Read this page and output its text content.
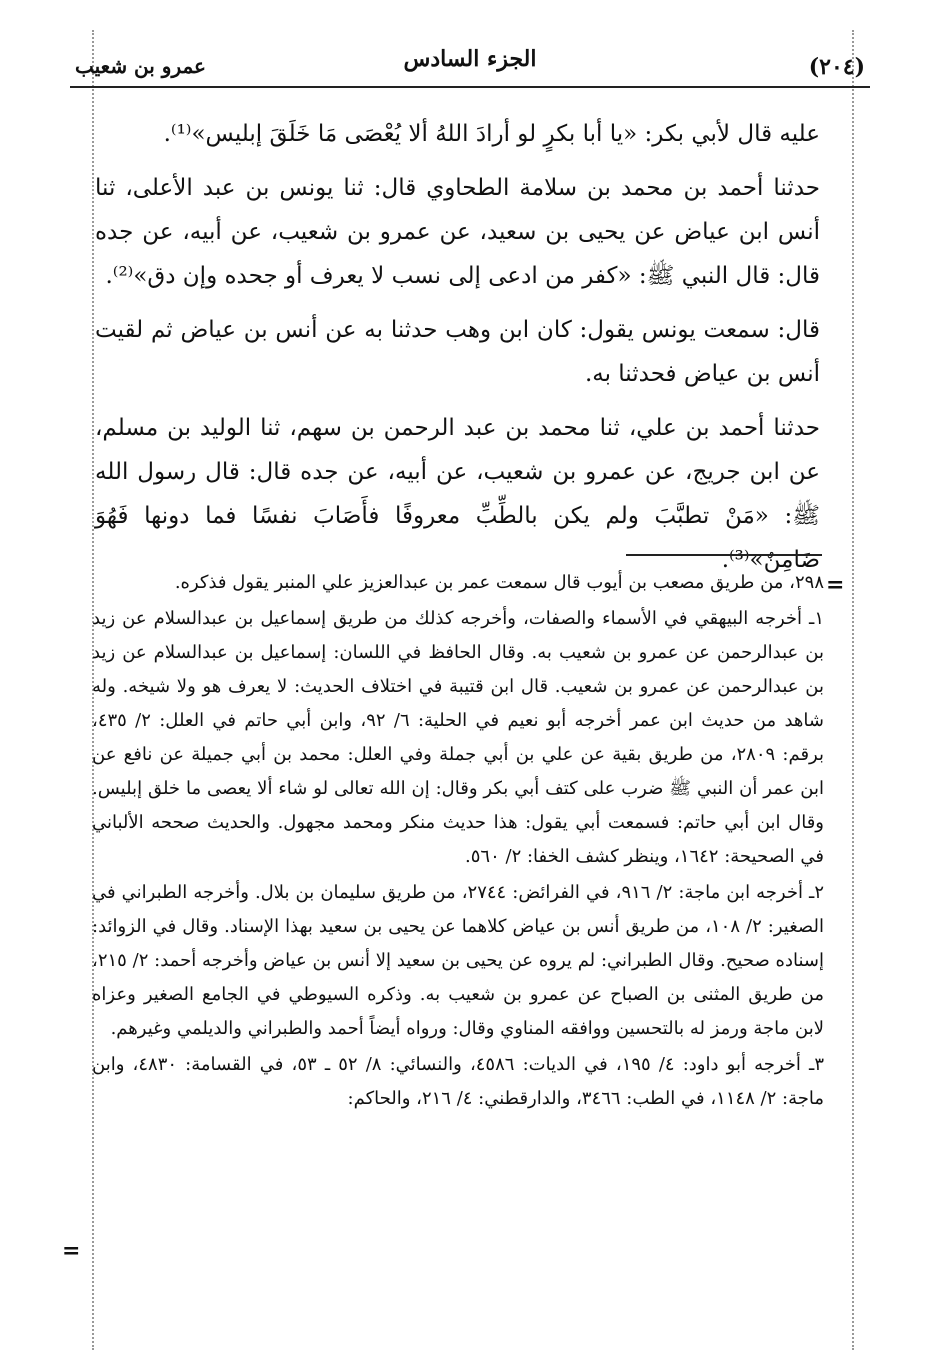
(٢٠٤)
الجزء السادس
عمرو بن شعيب

عليه قال لأبي بكر: «يا أبا بكرٍ لو أرادَ اللهُ ألا يُعْصَى مَا خَلَقَ إبليس»⁽¹⁾.

حدثنا أحمد بن محمد بن سلامة الطحاوي قال: ثنا يونس بن عبد الأعلى، ثنا أنس ابن عياض عن يحيى بن سعيد، عن عمرو بن شعيب، عن أبيه، عن جده قال: قال النبي ﷺ: «كفر من ادعى إلى نسب لا يعرف أو جحده وإن دق»⁽²⁾.

قال: سمعت يونس يقول: كان ابن وهب حدثنا به عن أنس بن عياض ثم لقيت أنس بن عياض فحدثنا به.

حدثنا أحمد بن علي، ثنا محمد بن عبد الرحمن بن سهم، ثنا الوليد بن مسلم، عن ابن جريج، عن عمرو بن شعيب، عن أبيه، عن جده قال: قال رسول الله ﷺ: «مَنْ تطبَّبَ ولم يكن بالطِّبِّ معروفًا فأَصَابَ نفسًا فما دونها فَهُوَ ضَامِنٌ»⁽³⁾.

=

٢٩٨، من طريق مصعب بن أيوب قال سمعت عمر بن عبدالعزيز علي المنبر يقول فذكره.

١ـ أخرجه البيهقي في الأسماء والصفات، وأخرجه كذلك من طريق إسماعيل بن عبدالسلام عن زيد بن عبدالرحمن عن عمرو بن شعيب به. وقال الحافظ في اللسان: إسماعيل بن عبدالسلام عن زيد بن عبدالرحمن عن عمرو بن شعيب. قال ابن قتيبة في اختلاف الحديث: لا يعرف هو ولا شيخه. وله شاهد من حديث ابن عمر أخرجه أبو نعيم في الحلية: ٦/ ٩٢، وابن أبي حاتم في العلل: ٢/ ٤٣٥، برقم: ٢٨٠٩، من طريق بقية عن علي بن أبي جملة وفي العلل: محمد بن أبي جميلة عن نافع عن ابن عمر أن النبي ﷺ ضرب على كتف أبي بكر وقال: إن الله تعالى لو شاء ألا يعصى ما خلق إبليس. وقال ابن أبي حاتم: فسمعت أبي يقول: هذا حديث منكر ومحمد مجهول. والحديث صححه الألباني في الصحيحة: ١٦٤٢، وينظر كشف الخفا: ٢/ ٥٦٠.

٢ـ أخرجه ابن ماجة: ٢/ ٩١٦، في الفرائض: ٢٧٤٤، من طريق سليمان بن بلال. وأخرجه الطبراني في الصغير: ٢/ ١٠٨، من طريق أنس بن عياض كلاهما عن يحيى بن سعيد بهذا الإسناد. وقال في الزوائد: إسناده صحيح. وقال الطبراني: لم يروه عن يحيى بن سعيد إلا أنس بن عياض وأخرجه أحمد: ٢/ ٢١٥، من طريق المثنى بن الصباح عن عمرو بن شعيب به. وذكره السيوطي في الجامع الصغير وعزاه لابن ماجة ورمز له بالتحسين ووافقه المناوي وقال: ورواه أيضاً أحمد والطبراني والديلمي وغيرهم.

٣ـ أخرجه أبو داود: ٤/ ١٩٥، في الديات: ٤٥٨٦، والنسائي: ٨/ ٥٢ ـ ٥٣، في القسامة: ٤٨٣٠، وابن ماجة: ٢/ ١١٤٨، في الطب: ٣٤٦٦، والدارقطني: ٤/ ٢١٦، والحاكم:

=
